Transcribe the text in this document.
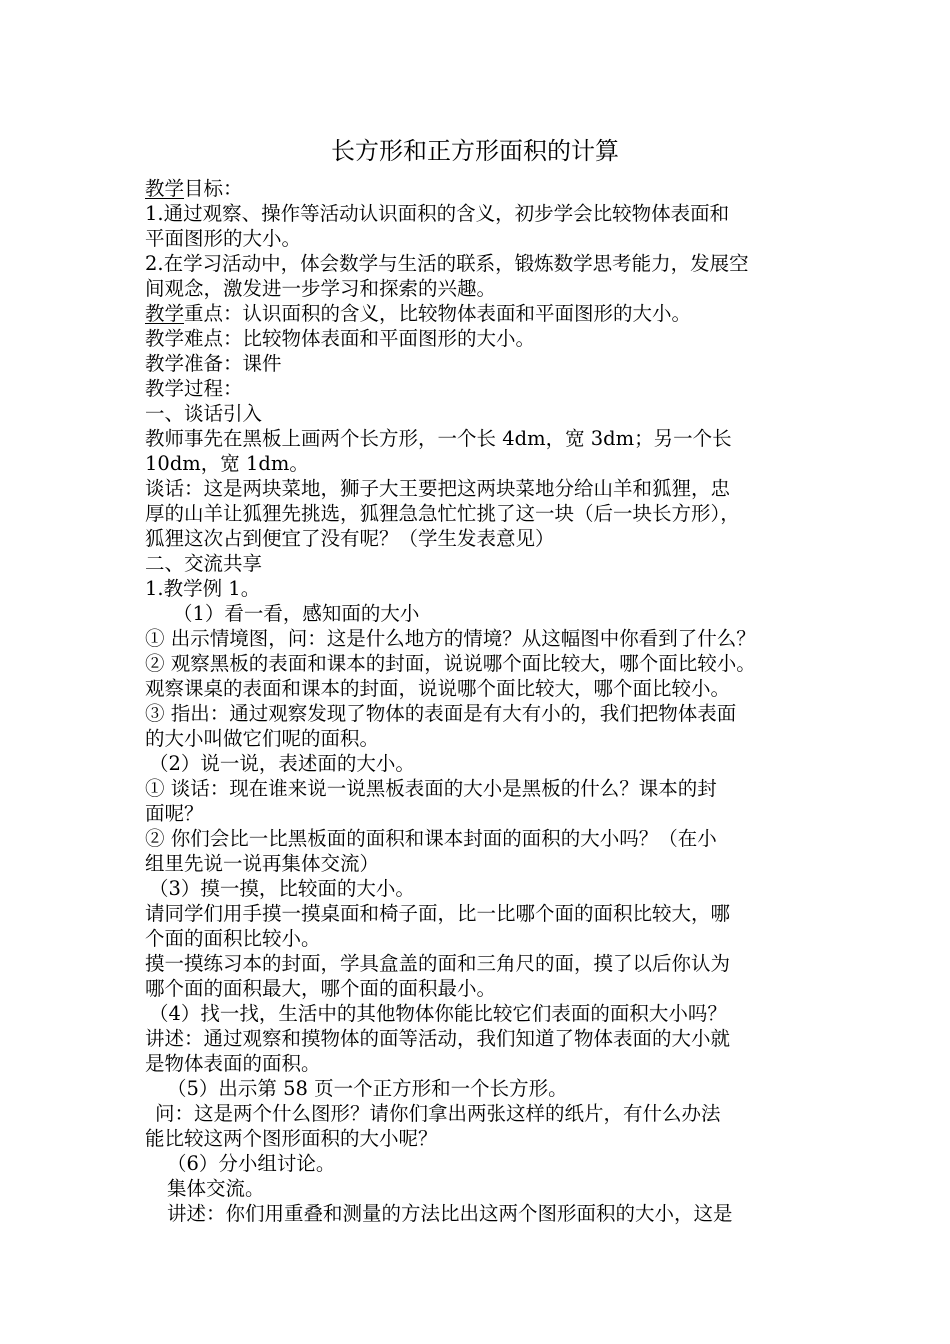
长方形和正方形面积的计算

教学目标：

1.通过观察、操作等活动认识面积的含义，初步学会比较物体表面和

平面图形的大小。

2.在学习活动中，体会数学与生活的联系，锻炼数学思考能力，发展空

间观念，激发进一步学习和探索的兴趣。

教学重点：认识面积的含义，比较物体表面和平面图形的大小。

教学难点：比较物体表面和平面图形的大小。

教学准备：课件

教学过程：

一、谈话引入

教师事先在黑板上画两个长方形，一个长 4dm，宽 3dm；另一个长

10dm，宽 1dm。

谈话：这是两块菜地，狮子大王要把这两块菜地分给山羊和狐狸，忠

厚的山羊让狐狸先挑选，狐狸急急忙忙挑了这一块（后一块长方形），

狐狸这次占到便宜了没有呢？（学生发表意见）

二、交流共享

1.教学例 1。

（1）看一看，感知面的大小

① 出示情境图，问：这是什么地方的情境？从这幅图中你看到了什么？

② 观察黑板的表面和课本的封面，说说哪个面比较大，哪个面比较小。

观察课桌的表面和课本的封面，说说哪个面比较大，哪个面比较小。

③ 指出：通过观察发现了物体的表面是有大有小的，我们把物体表面

的大小叫做它们呢的面积。

（2）说一说，表述面的大小。

① 谈话：现在谁来说一说黑板表面的大小是黑板的什么？课本的封

面呢？

② 你们会比一比黑板面的面积和课本封面的面积的大小吗？（在小

组里先说一说再集体交流）

（3）摸一摸，比较面的大小。

请同学们用手摸一摸桌面和椅子面，比一比哪个面的面积比较大，哪

个面的面积比较小。

摸一摸练习本的封面，学具盒盖的面和三角尺的面，摸了以后你认为

哪个面的面积最大，哪个面的面积最小。

（4）找一找，生活中的其他物体你能比较它们表面的面积大小吗？

讲述：通过观察和摸物体的面等活动，我们知道了物体表面的大小就

是物体表面的面积。

（5）出示第 58 页一个正方形和一个长方形。

问：这是两个什么图形？请你们拿出两张这样的纸片，有什么办法

能比较这两个图形面积的大小呢？

（6）分小组讨论。

集体交流。

讲述：你们用重叠和测量的方法比出这两个图形面积的大小，这是
